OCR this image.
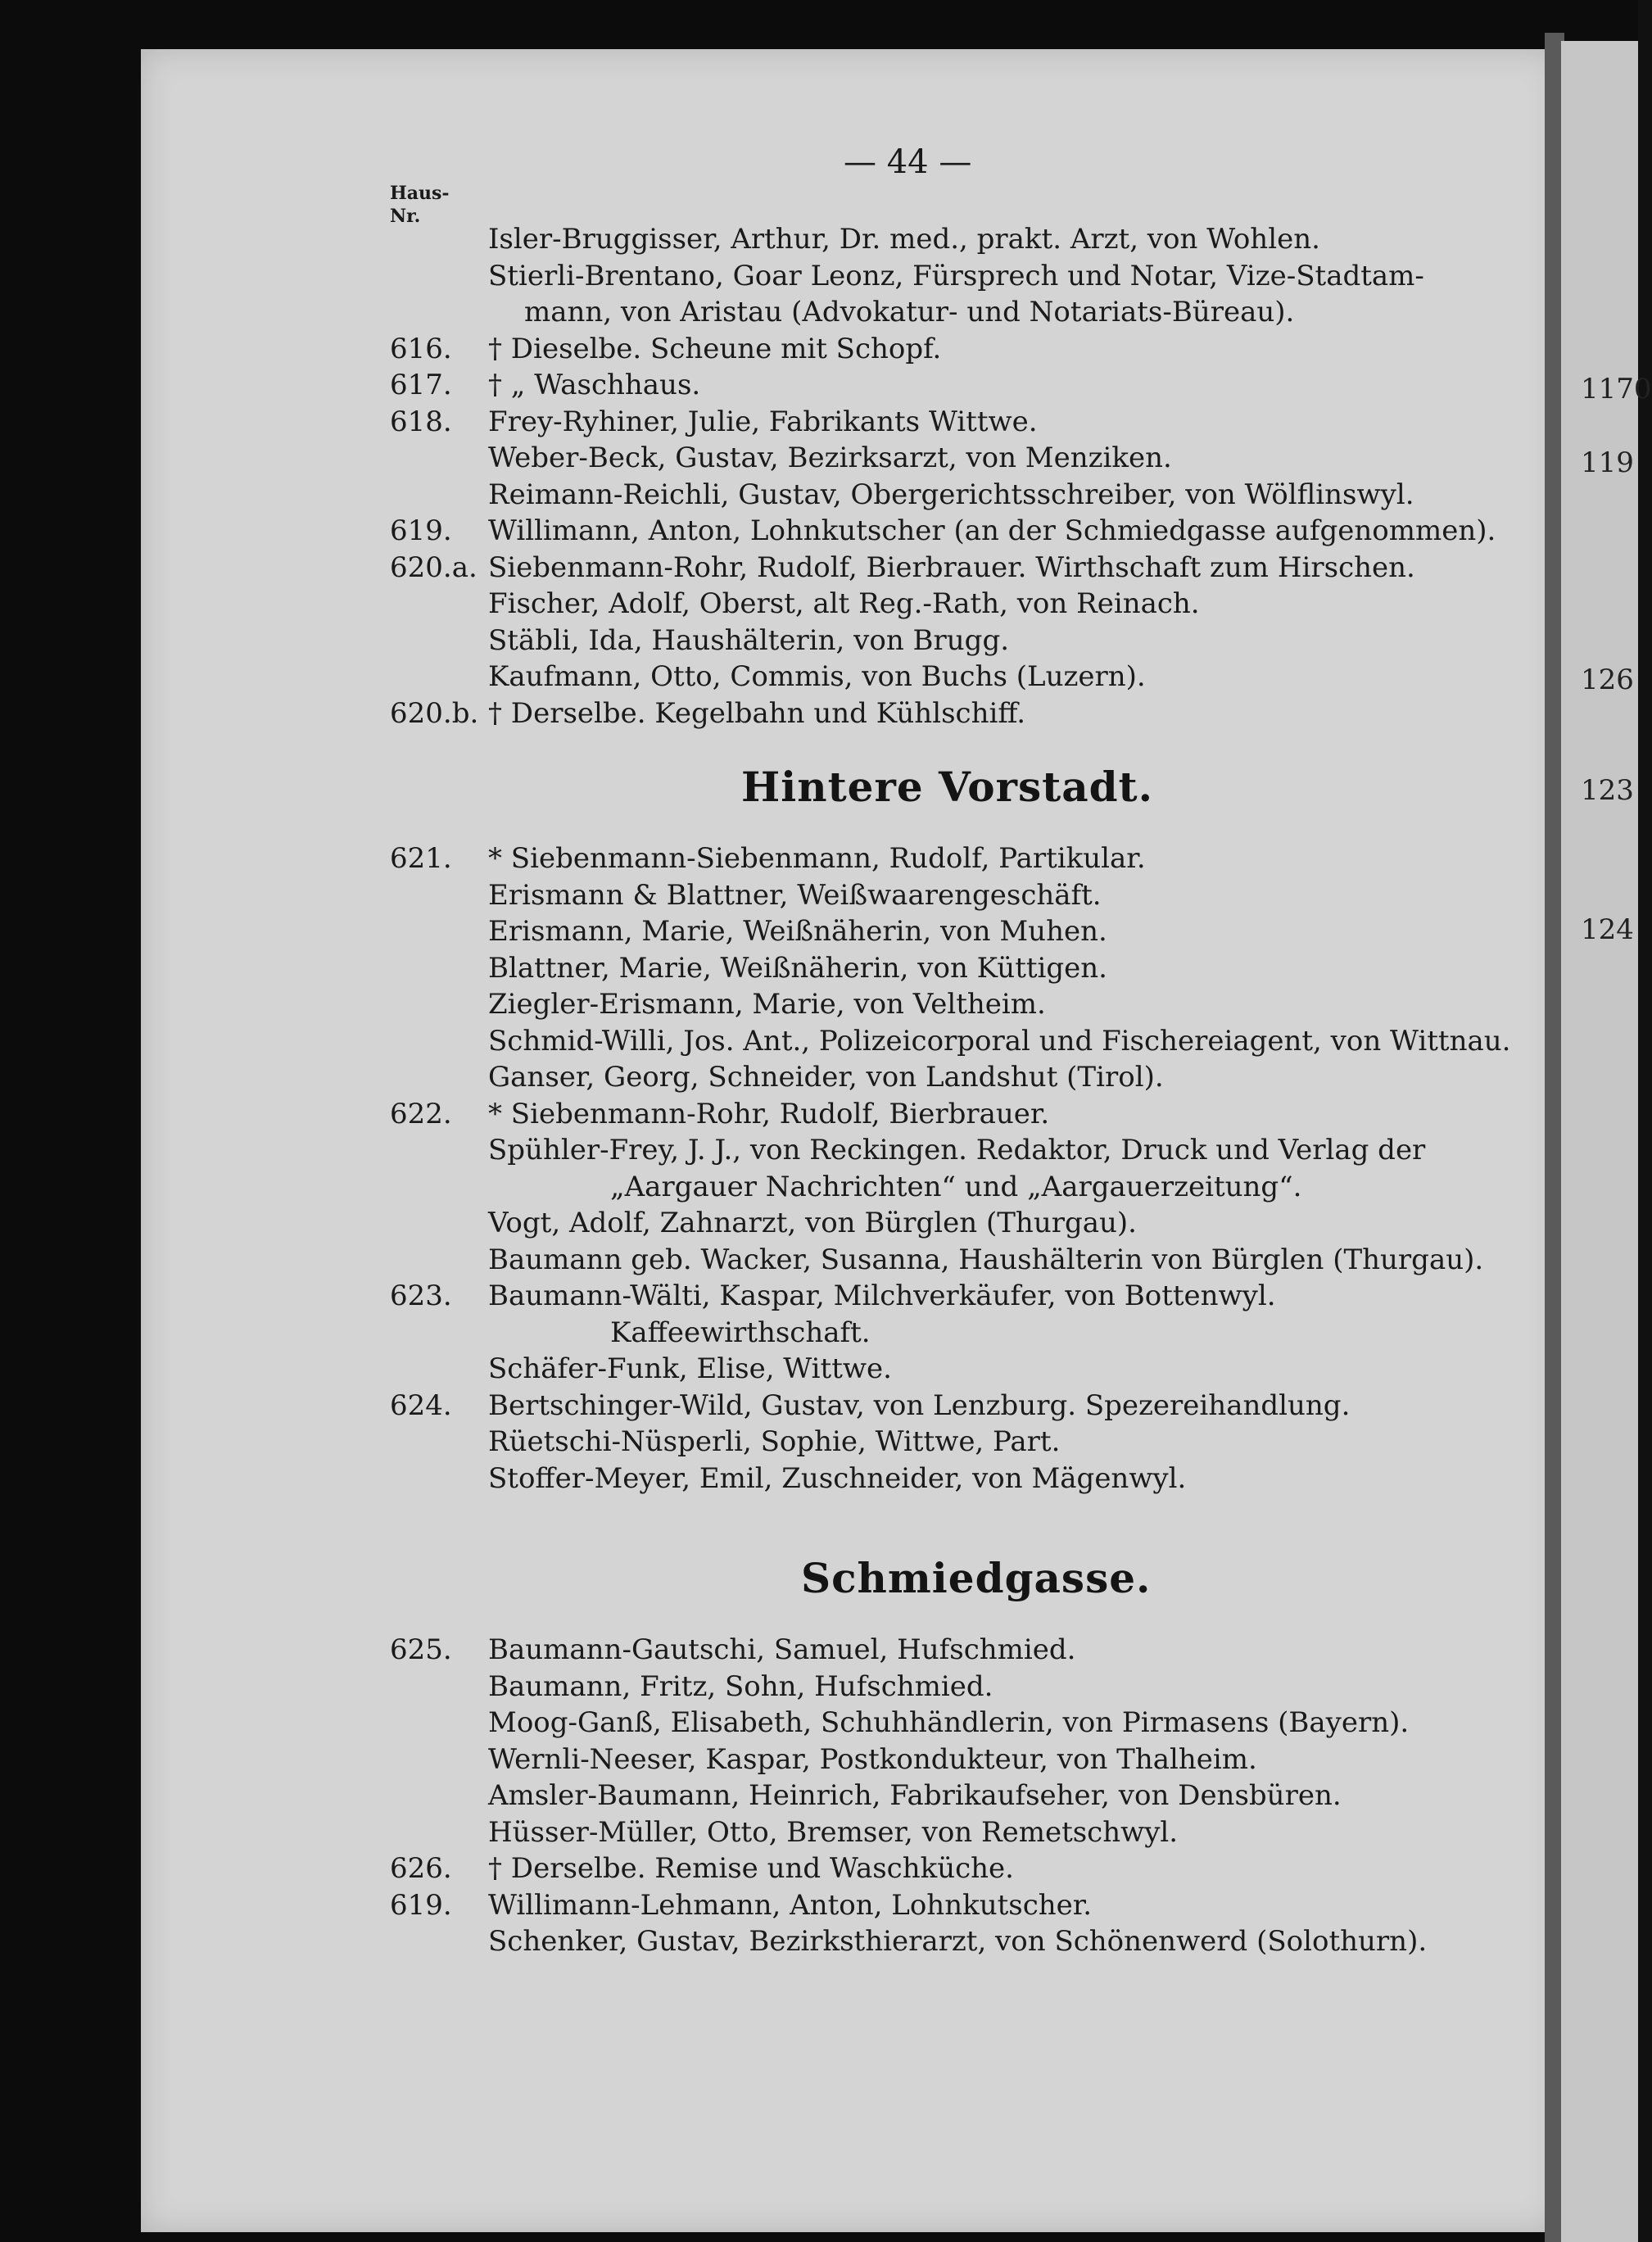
1170
119
126
123
124
— 44 —
Haus-Nr.
Isler-Bruggisser, Arthur, Dr. med., prakt. Arzt, von Wohlen.
Stierli-Brentano, Goar Leonz, Fürsprech und Notar, Vize-Stadtam-
mann, von Aristau (Advokatur- und Notariats-Büreau).
616. † Dieselbe. Scheune mit Schopf.
617. † „ Waschhaus.
618. Frey-Ryhiner, Julie, Fabrikants Wittwe.
Weber-Beck, Gustav, Bezirksarzt, von Menziken.
Reimann-Reichli, Gustav, Obergerichtsschreiber, von Wölflinswyl.
619. Willimann, Anton, Lohnkutscher (an der Schmiedgasse aufgenommen).
620.a. Siebenmann-Rohr, Rudolf, Bierbrauer. Wirthschaft zum Hirschen.
Fischer, Adolf, Oberst, alt Reg.-Rath, von Reinach.
Stäbli, Ida, Haushälterin, von Brugg.
Kaufmann, Otto, Commis, von Buchs (Luzern).
620.b. † Derselbe. Kegelbahn und Kühlschiff.
Hintere Vorstadt.
621. * Siebenmann-Siebenmann, Rudolf, Partikular.
Erismann & Blattner, Weißwaarengeschäft.
Erismann, Marie, Weißnäherin, von Muhen.
Blattner, Marie, Weißnäherin, von Küttigen.
Ziegler-Erismann, Marie, von Veltheim.
Schmid-Willi, Jos. Ant., Polizeicorporal und Fischereiagent, von Wittnau.
Ganser, Georg, Schneider, von Landshut (Tirol).
622. * Siebenmann-Rohr, Rudolf, Bierbrauer.
Spühler-Frey, J. J., von Reckingen. Redaktor, Druck und Verlag der
„Aargauer Nachrichten“ und „Aargauerzeitung“.
Vogt, Adolf, Zahnarzt, von Bürglen (Thurgau).
Baumann geb. Wacker, Susanna, Haushälterin von Bürglen (Thurgau).
623. Baumann-Wälti, Kaspar, Milchverkäufer, von Bottenwyl.
Kaffeewirthschaft.
Schäfer-Funk, Elise, Wittwe.
624. Bertschinger-Wild, Gustav, von Lenzburg. Spezereihandlung.
Rüetschi-Nüsperli, Sophie, Wittwe, Part.
Stoffer-Meyer, Emil, Zuschneider, von Mägenwyl.
Schmiedgasse.
625. Baumann-Gautschi, Samuel, Hufschmied.
Baumann, Fritz, Sohn, Hufschmied.
Moog-Ganß, Elisabeth, Schuhhändlerin, von Pirmasens (Bayern).
Wernli-Neeser, Kaspar, Postkondukteur, von Thalheim.
Amsler-Baumann, Heinrich, Fabrikaufseher, von Densbüren.
Hüsser-Müller, Otto, Bremser, von Remetschwyl.
626. † Derselbe. Remise und Waschküche.
619. Willimann-Lehmann, Anton, Lohnkutscher.
Schenker, Gustav, Bezirksthierarzt, von Schönenwerd (Solothurn).
